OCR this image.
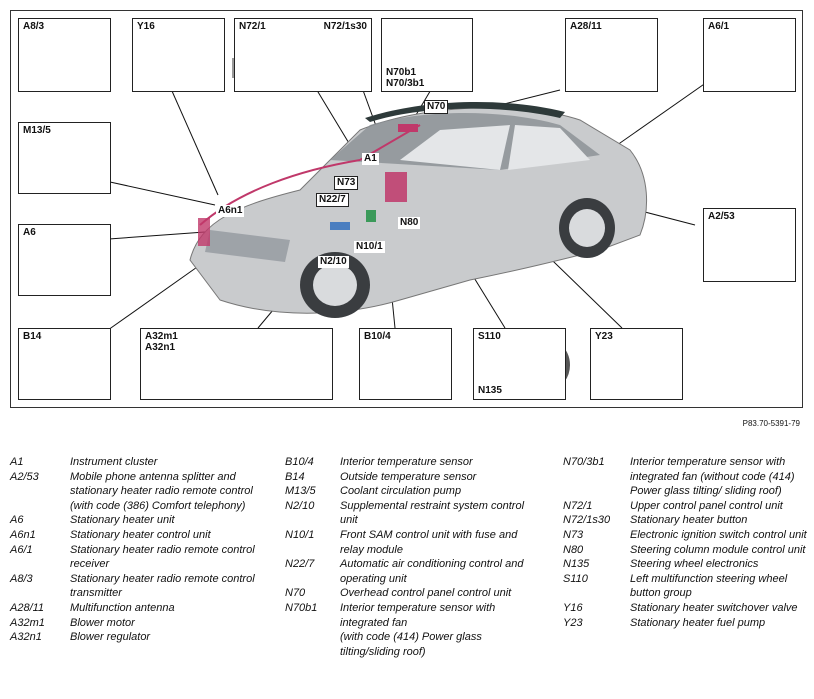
A8/3	Y16	N72/1	N72/1s30
N70b1
N70/3b1
A28/11	A6/1
M13/5
A6
A2/53
B14	A32m1
A32n1
B10/4	S110
N135
Y23
N70
A1
N73
N22/7
A6n1
N80
N10/1
N2/10
P83.70-5391-79
A1	Instrument cluster
A2/53	Mobile phone antenna splitter and stationary heater radio remote control (with code (386) Comfort telephony)
A6	Stationary heater unit
A6n1	Stationary heater control unit
A6/1	Stationary heater radio remote control receiver
A8/3	Stationary heater radio remote control transmitter
A28/11	Multifunction antenna
A32m1	Blower motor
A32n1	Blower regulator
B10/4	Interior temperature sensor
B14	Outside temperature sensor
M13/5	Coolant circulation pump
N2/10	Supplemental restraint system control unit
N10/1	Front SAM control unit with fuse and relay module
N22/7	Automatic air conditioning control and operating unit
N70	Overhead control panel control unit
N70b1	Interior temperature sensor with integrated fan
(with code (414) Power glass tilting/sliding roof)
N70/3b1	Interior temperature sensor with integrated fan (without code (414) Power glass tilting/ sliding roof)
N72/1	Upper control panel control unit
N72/1s30	Stationary heater button
N73	Electronic ignition switch control unit
N80	Steering column module control unit
N135	Steering wheel electronics
S110	Left multifunction steering wheel button group
Y16	Stationary heater switchover valve
Y23	Stationary heater fuel pump
